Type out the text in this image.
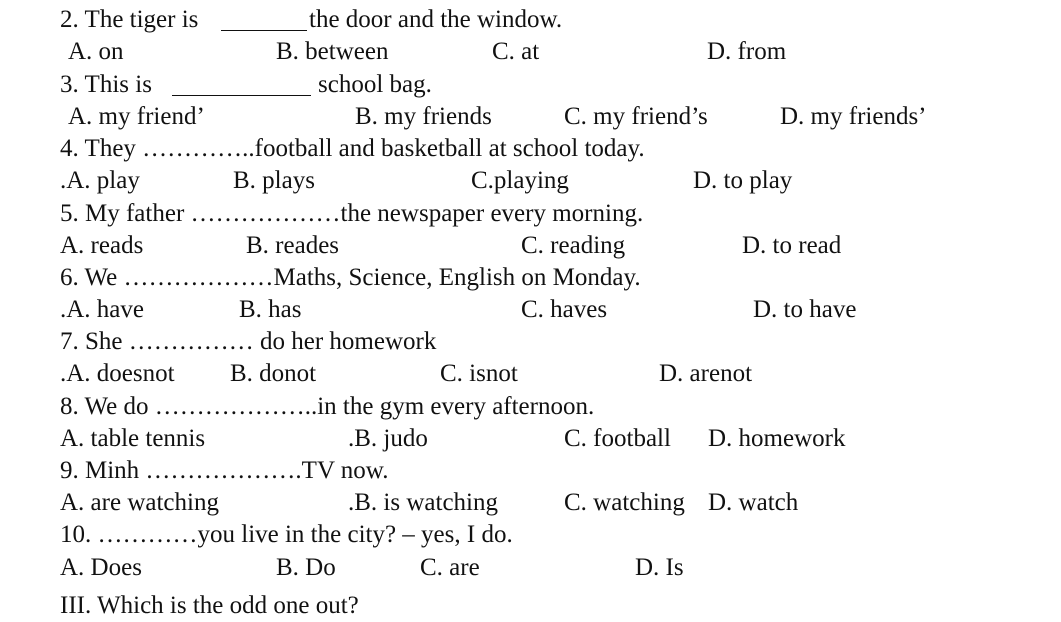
2. The tiger is	the door and the window.
A. on	B. between	C. at	D. from
3. This is	school bag.
A. my friend’	B. my friends	C. my friend’s	D. my friends’
4. They …………..football and basketball at school today.
.A. play	B. plays	C.playing	D. to play
5. My father ………………the newspaper every morning.
A. reads	B. reades	C. reading	D. to read
6. We ………………Maths, Science, English on Monday.
.A. have	B. has	C. haves	D. to have
7. She …………… do her homework
.A. doesnot B. donot	C. isnot	D. arenot
8. We do ………………..in the gym every afternoon.
A. table tennis	.B. judo	C. football D. homework
9. Minh ……………….TV now.
A. are watching	.B. is watching	C. watching D. watch
10. …………you live in the city? – yes, I do.
A. Does	B. Do	C. are	D. Is
III. Which is the odd one out?
